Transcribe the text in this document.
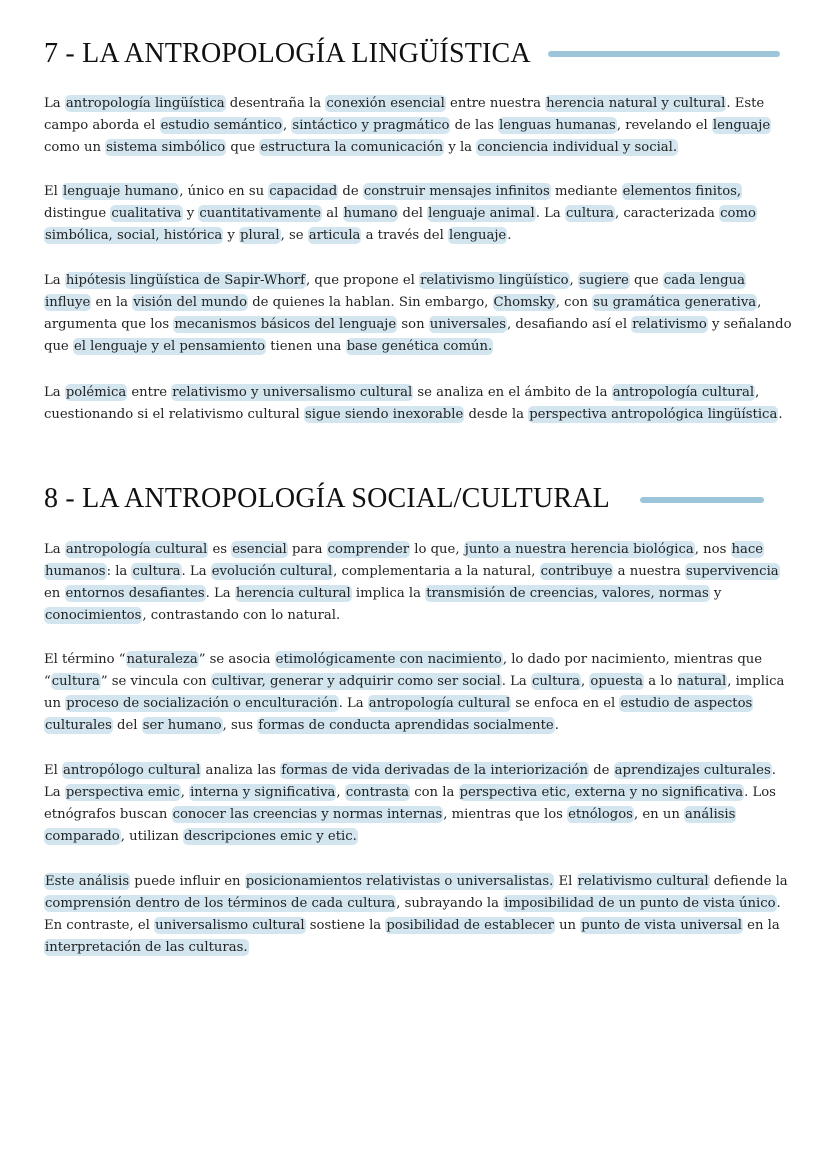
7 - LA ANTROPOLOGÍA LINGÜÍSTICA

La antropología lingüística desentraña la conexión esencial entre nuestra herencia natural y cultural. Este campo aborda el estudio semántico, sintáctico y pragmático de las lenguas humanas, revelando el lenguaje como un sistema simbólico que estructura la comunicación y la conciencia individual y social.

El lenguaje humano, único en su capacidad de construir mensajes infinitos mediante elementos finitos, distingue cualitativa y cuantitativamente al humano del lenguaje animal. La cultura, caracterizada como simbólica, social, histórica y plural, se articula a través del lenguaje.

La hipótesis lingüística de Sapir-Whorf, que propone el relativismo lingüístico, sugiere que cada lengua influye en la visión del mundo de quienes la hablan. Sin embargo, Chomsky, con su gramática generativa, argumenta que los mecanismos básicos del lenguaje son universales, desafiando así el relativismo y señalando que el lenguaje y el pensamiento tienen una base genética común.

La polémica entre relativismo y universalismo cultural se analiza en el ámbito de la antropología cultural, cuestionando si el relativismo cultural sigue siendo inexorable desde la perspectiva antropológica lingüística.

8 - LA ANTROPOLOGÍA SOCIAL/CULTURAL

La antropología cultural es esencial para comprender lo que, junto a nuestra herencia biológica, nos hace humanos: la cultura. La evolución cultural, complementaria a la natural, contribuye a nuestra supervivencia en entornos desafiantes. La herencia cultural implica la transmisión de creencias, valores, normas y conocimientos, contrastando con lo natural.

El término “naturaleza” se asocia etimológicamente con nacimiento, lo dado por nacimiento, mientras que “cultura” se vincula con cultivar, generar y adquirir como ser social. La cultura, opuesta a lo natural, implica un proceso de socialización o enculturación. La antropología cultural se enfoca en el estudio de aspectos culturales del ser humano, sus formas de conducta aprendidas socialmente.

El antropólogo cultural analiza las formas de vida derivadas de la interiorización de aprendizajes culturales. La perspectiva emic, interna y significativa, contrasta con la perspectiva etic, externa y no significativa. Los etnógrafos buscan conocer las creencias y normas internas, mientras que los etnólogos, en un análisis comparado, utilizan descripciones emic y etic.

Este análisis puede influir en posicionamientos relativistas o universalistas. El relativismo cultural defiende la comprensión dentro de los términos de cada cultura, subrayando la imposibilidad de un punto de vista único. En contraste, el universalismo cultural sostiene la posibilidad de establecer un punto de vista universal en la interpretación de las culturas.
